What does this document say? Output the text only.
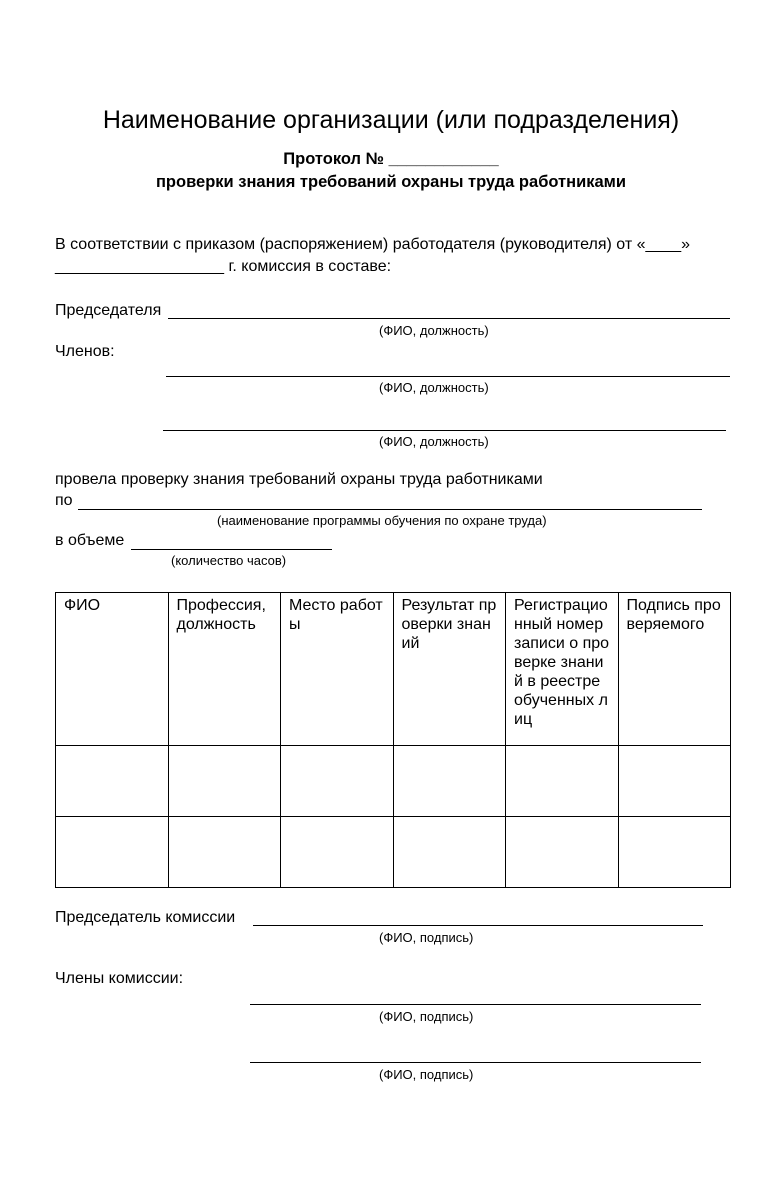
Наименование организации (или подразделения)
Протокол № ____________
проверки знания требований охраны труда работниками
В соответствии с приказом (распоряжением) работодателя (руководителя) от «____»
___________________ г. комиссия в составе:
Председателя
(ФИО, должность)
Членов:
(ФИО, должность)
(ФИО, должность)
провела проверку знания требований охраны труда работниками
по
(наименование программы обучения по охране труда)
в объеме
(количество часов)
ФИО	Профессия, должность	Место работы	Результат проверки знаний	Регистрационный номер записи о проверке знаний в реестре обученных лиц	Подпись проверяемого

Председатель комиссии
(ФИО, подпись)
Члены комиссии:
(ФИО, подпись)
(ФИО, подпись)
